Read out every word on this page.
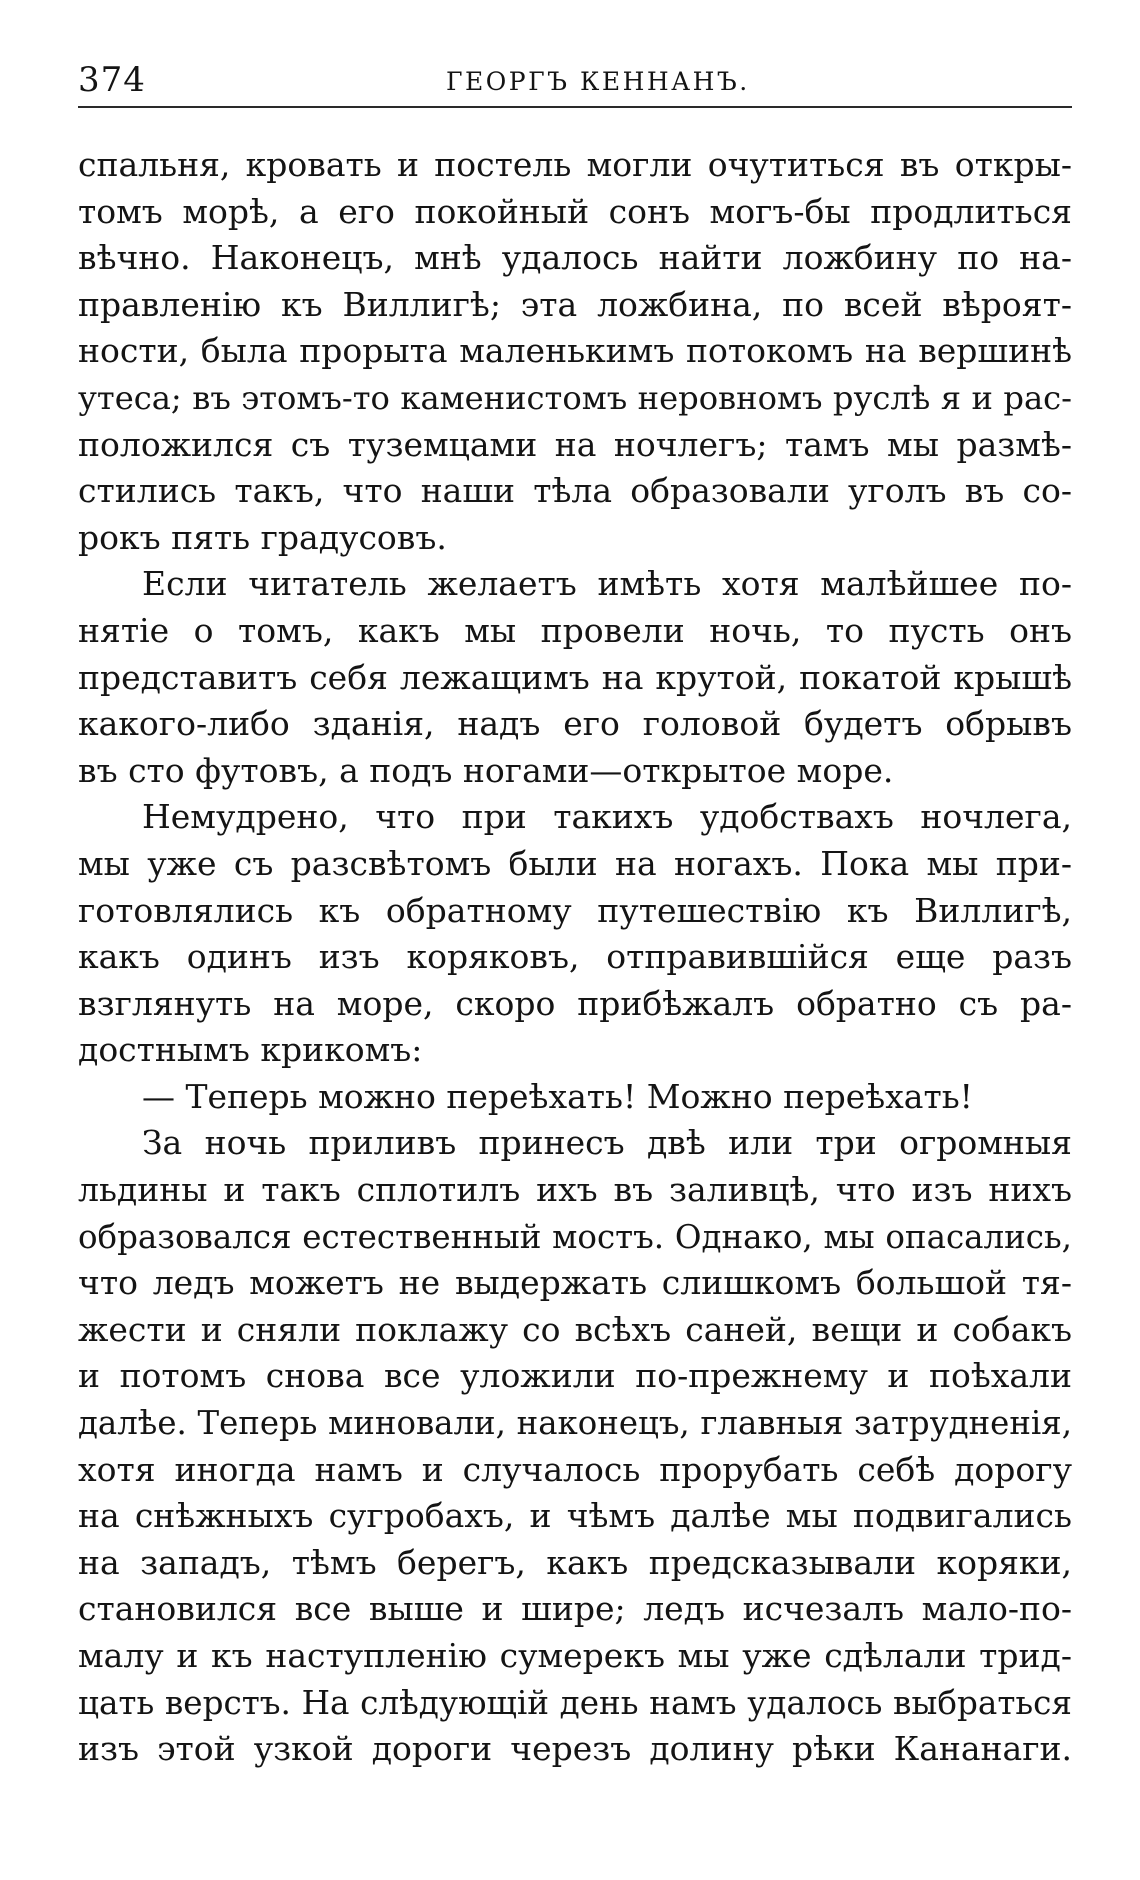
374	ГЕОРГЪ КЕННАНЪ.
спальня, кровать и постель могли очутиться въ откры-
томъ морѣ, а его покойный сонъ могъ-бы продлиться
вѣчно. Наконецъ, мнѣ удалось найти ложбину по на-
правленію къ Виллигѣ; эта ложбина, по всей вѣроят-
ности, была прорыта маленькимъ потокомъ на вершинѣ
утеса; въ этомъ-то каменистомъ неровномъ руслѣ я и рас-
положился съ туземцами на ночлегъ; тамъ мы размѣ-
стились такъ, что наши тѣла образовали уголъ въ со-
рокъ пять градусовъ.
Если читатель желаетъ имѣть хотя малѣйшее по-
нятіе о томъ, какъ мы провели ночь, то пусть онъ
представитъ себя лежащимъ на крутой, покатой крышѣ
какого-либо зданія, надъ его головой будетъ обрывъ
въ сто футовъ, а подъ ногами—открытое море.
Немудрено, что при такихъ удобствахъ ночлега,
мы уже съ разсвѣтомъ были на ногахъ. Пока мы при-
готовлялись къ обратному путешествію къ Виллигѣ,
какъ одинъ изъ коряковъ, отправившійся еще разъ
взглянуть на море, скоро прибѣжалъ обратно съ ра-
достнымъ крикомъ:
— Теперь можно переѣхать! Можно переѣхать!
За ночь приливъ принесъ двѣ или три огромныя
льдины и такъ сплотилъ ихъ въ заливцѣ, что изъ нихъ
образовался естественный мостъ. Однако, мы опасались,
что ледъ можетъ не выдержать слишкомъ большой тя-
жести и сняли поклажу со всѣхъ саней, вещи и собакъ
и потомъ снова все уложили по-прежнему и поѣхали
далѣе. Теперь миновали, наконецъ, главныя затрудненія,
хотя иногда намъ и случалось прорубать себѣ дорогу
на снѣжныхъ сугробахъ, и чѣмъ далѣе мы подвигались
на западъ, тѣмъ берегъ, какъ предсказывали коряки,
становился все выше и шире; ледъ исчезалъ мало-по-
малу и къ наступленію сумерекъ мы уже сдѣлали трид-
цать верстъ. На слѣдующій день намъ удалось выбраться
изъ этой узкой дороги черезъ долину рѣки Кананаги.
